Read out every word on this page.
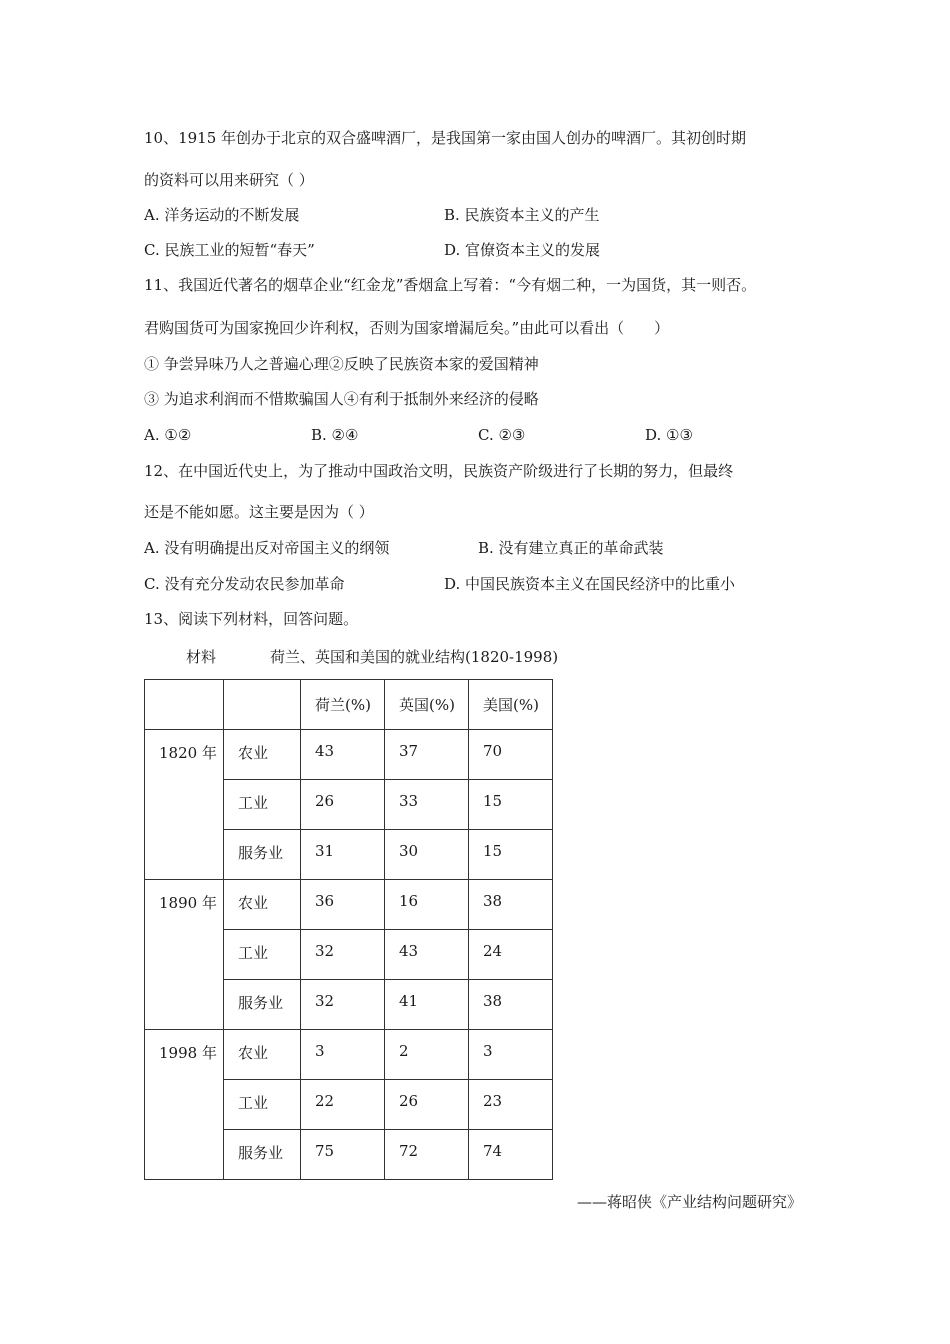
10、1915 年创办于北京的双合盛啤酒厂，是我国第一家由国人创办的啤酒厂。其初创时期
的资料可以用来研究（ ）
A. 洋务运动的不断发展	B. 民族资本主义的产生
C. 民族工业的短暂“春天”	D. 官僚资本主义的发展
11、我国近代著名的烟草企业“红金龙”香烟盒上写着：“今有烟二种，一为国货，其一则否。
君购国货可为国家挽回少许利权，否则为国家增漏卮矣。”由此可以看出（　　）
① 争尝异味乃人之普遍心理②反映了民族资本家的爱国精神
③ 为追求利润而不惜欺骗国人④有利于抵制外来经济的侵略
A. ①②	B. ②④	C. ②③	D. ①③
12、在中国近代史上，为了推动中国政治文明，民族资产阶级进行了长期的努力，但最终
还是不能如愿。这主要是因为（ ）
A. 没有明确提出反对帝国主义的纲领	B. 没有建立真正的革命武装
C. 没有充分发动农民参加革命	D. 中国民族资本主义在国民经济中的比重小
13、阅读下列材料，回答问题。
材料	荷兰、英国和美国的就业结构(1820-1998)
		荷兰(%)	英国(%)	美国(%)
1820 年	农业	43	37	70
	工业	26	33	15
	服务业	31	30	15
1890 年	农业	36	16	38
	工业	32	43	24
	服务业	32	41	38
1998 年	农业	3	2	3
	工业	22	26	23
	服务业	75	72	74
——蒋昭侠《产业结构问题研究》
